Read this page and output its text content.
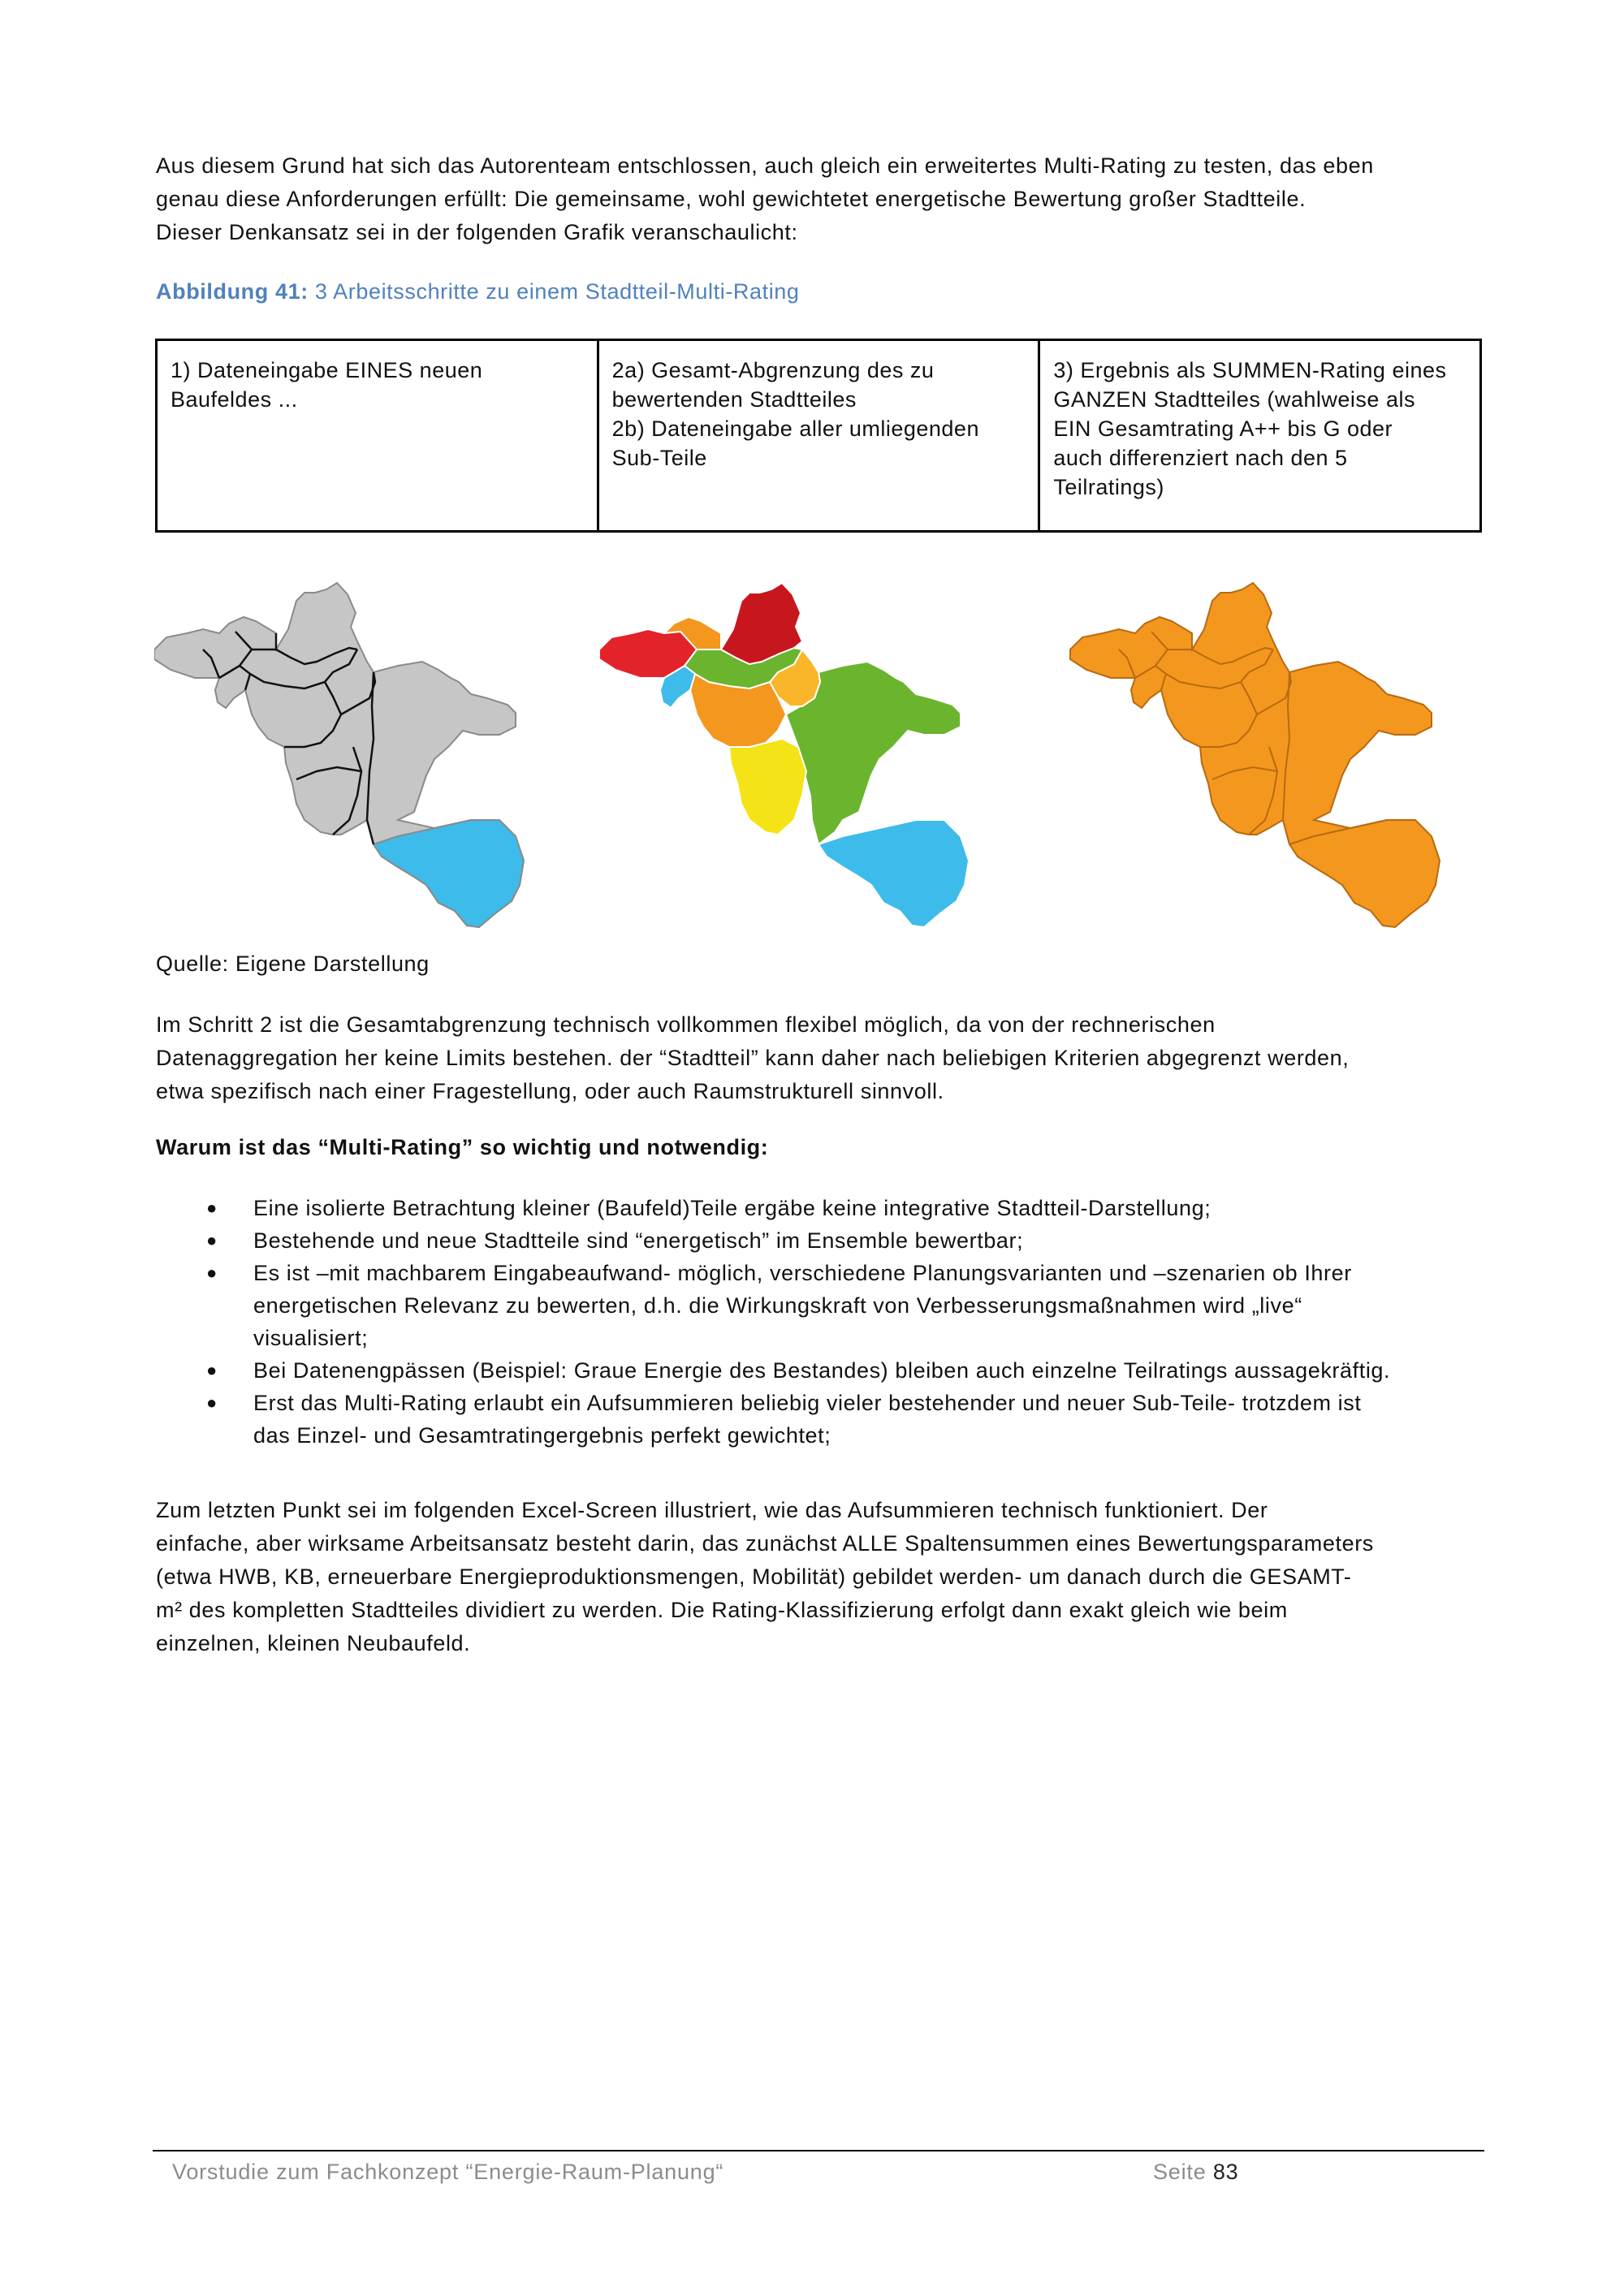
Aus diesem Grund hat sich das Autorenteam entschlossen, auch gleich ein erweitertes Multi-Rating zu testen, das eben
genau diese Anforderungen erfüllt: Die gemeinsame, wohl gewichtetet energetische Bewertung großer Stadtteile.
Dieser Denkansatz sei in der folgenden Grafik veranschaulicht:

Abbildung 41: 3 Arbeitsschritte zu einem Stadtteil-Multi-Rating
1) Dateneingabe EINES neuen
Baufeldes ...

2a) Gesamt-Abgrenzung des zu
bewertenden Stadtteiles
2b) Dateneingabe aller umliegenden
Sub-Teile

3) Ergebnis als SUMMEN-Rating eines
GANZEN Stadtteiles (wahlweise als
EIN Gesamtrating A++ bis G oder
auch differenziert nach den 5
Teilratings)
Quelle: Eigene Darstellung

Im Schritt 2 ist die Gesamtabgrenzung technisch vollkommen flexibel möglich, da von der rechnerischen
Datenaggregation her keine Limits bestehen. der “Stadtteil” kann daher nach beliebigen Kriterien abgegrenzt werden,
etwa spezifisch nach einer Fragestellung, oder auch Raumstrukturell sinnvoll.

Warum ist das “Multi-Rating” so wichtig und notwendig:
● Eine isolierte Betrachtung kleiner (Baufeld)Teile ergäbe keine integrative Stadtteil-Darstellung;
● Bestehende und neue Stadtteile sind “energetisch” im Ensemble bewertbar;
● Es ist –mit machbarem Eingabeaufwand- möglich, verschiedene Planungsvarianten und –szenarien ob Ihrer
energetischen Relevanz zu bewerten, d.h. die Wirkungskraft von Verbesserungsmaßnahmen wird „live“
visualisiert;
● Bei Datenengpässen (Beispiel: Graue Energie des Bestandes) bleiben auch einzelne Teilratings aussagekräftig.
● Erst das Multi-Rating erlaubt ein Aufsummieren beliebig vieler bestehender und neuer Sub-Teile- trotzdem ist
das Einzel- und Gesamtratingergebnis perfekt gewichtet;

Zum letzten Punkt sei im folgenden Excel-Screen illustriert, wie das Aufsummieren technisch funktioniert. Der
einfache, aber wirksame Arbeitsansatz besteht darin, das zunächst ALLE Spaltensummen eines Bewertungsparameters
(etwa HWB, KB, erneuerbare Energieproduktionsmengen, Mobilität) gebildet werden- um danach durch die GESAMT-
m² des kompletten Stadtteiles dividiert zu werden. Die Rating-Klassifizierung erfolgt dann exakt gleich wie beim
einzelnen, kleinen Neubaufeld.

Vorstudie zum Fachkonzept “Energie-Raum-Planung“	Seite 83
